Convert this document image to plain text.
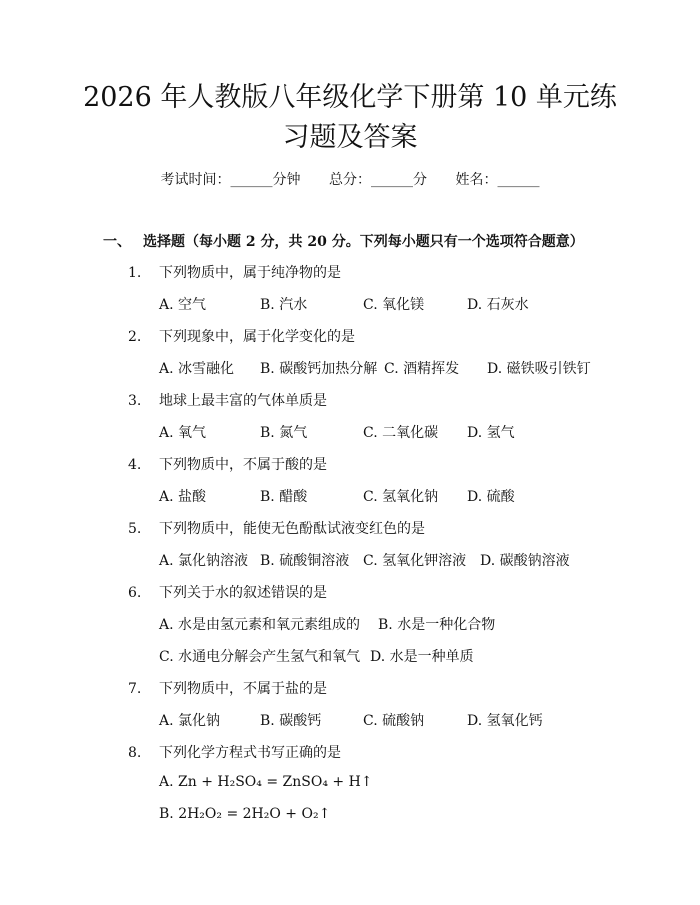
2026 年人教版八年级化学下册第 10 单元练
习题及答案
考试时间：______分钟 总分：______分 姓名：______
一、 选择题（每小题 2 分，共 20 分。下列每小题只有一个选项符合题意）
1. 下列物质中，属于纯净物的是
A. 空气	B. 汽水	C. 氧化镁	D. 石灰水
2. 下列现象中，属于化学变化的是
A. 冰雪融化 B. 碳酸钙加热分解 C. 酒精挥发 D. 磁铁吸引铁钉
3. 地球上最丰富的气体单质是
A. 氧气	B. 氮气	C. 二氧化碳 D. 氢气
4. 下列物质中，不属于酸的是
A. 盐酸	B. 醋酸	C. 氢氧化钠 D. 硫酸
5. 下列物质中，能使无色酚酞试液变红色的是
A. 氯化钠溶液 B. 硫酸铜溶液 C. 氢氧化钾溶液 D. 碳酸钠溶液
6. 下列关于水的叙述错误的是
A. 水是由氢元素和氧元素组成的 B. 水是一种化合物
C. 水通电分解会产生氢气和氧气 D. 水是一种单质
7. 下列物质中，不属于盐的是
A. 氯化钠	B. 碳酸钙	C. 硫酸钠	D. 氢氧化钙
8. 下列化学方程式书写正确的是
A. Zn + H₂SO₄ = ZnSO₄ + H↑
B. 2H₂O₂ = 2H₂O + O₂↑
